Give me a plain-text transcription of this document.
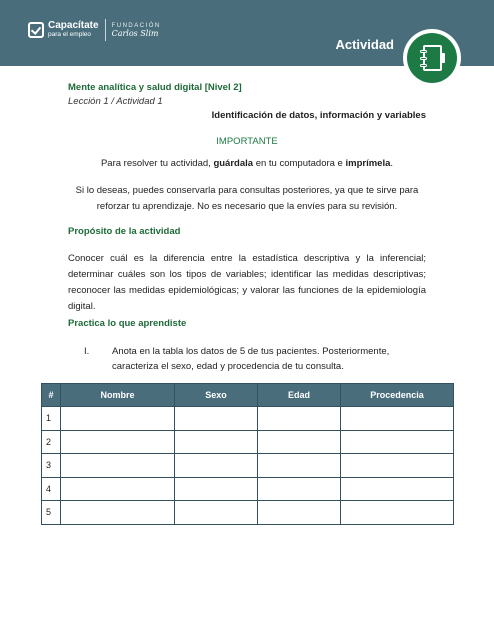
Capacítate
para el empleo
FUNDACIÓN
Carlos Slim
Actividad
Mente analítica y salud digital [Nivel 2]
Lección 1 / Actividad 1
Identificación de datos, información y variables
IMPORTANTE
Para resolver tu actividad, guárdala en tu computadora e imprímela.
Si lo deseas, puedes conservarla para consultas posteriores, ya que te sirve para reforzar tu aprendizaje. No es necesario que la envíes para su revisión.
Propósito de la actividad
Conocer cuál es la diferencia entre la estadística descriptiva y la inferencial; determinar cuáles son los tipos de variables; identificar las medidas descriptivas; reconocer las medidas epidemiológicas; y valorar las funciones de la epidemiología digital.
Practica lo que aprendiste
I.	Anota en la tabla los datos de 5 de tus pacientes. Posteriormente, caracteriza el sexo, edad y procedencia de tu consulta.
#	Nombre	Sexo	Edad	Procedencia
1				
2				
3				
4				
5				
